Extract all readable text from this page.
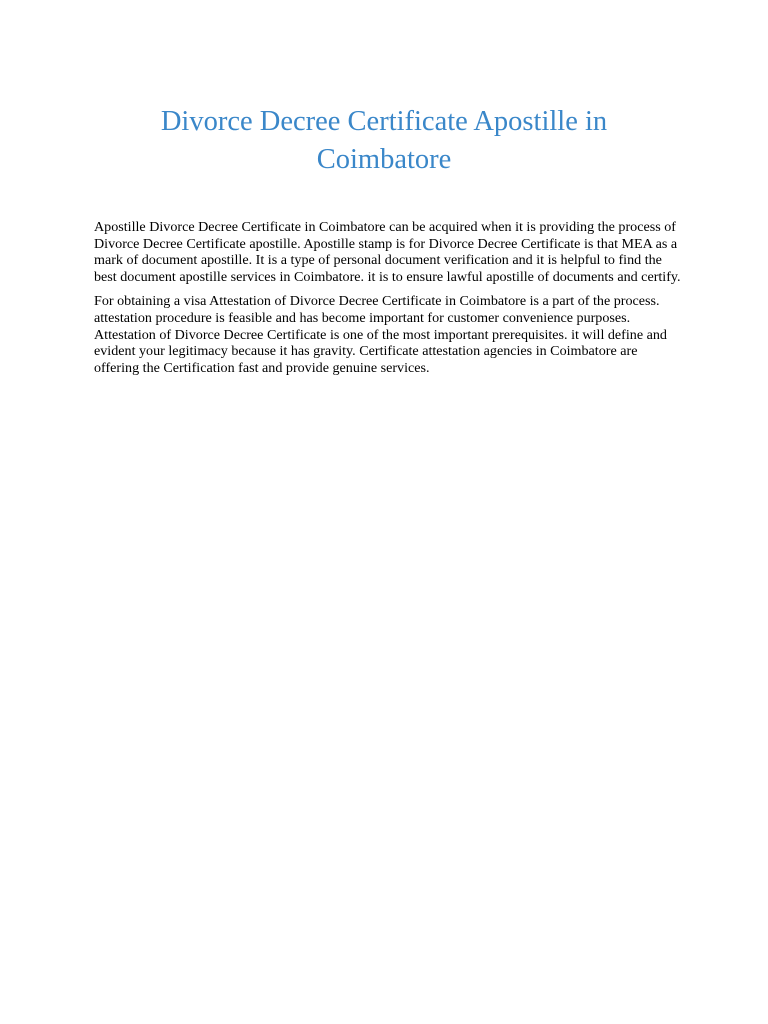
Divorce Decree Certificate Apostille in Coimbatore

Apostille Divorce Decree Certificate in Coimbatore can be acquired when it is providing the process of Divorce Decree Certificate apostille. Apostille stamp is for Divorce Decree Certificate is that MEA as a mark of document apostille. It is a type of personal document verification and it is helpful to find the best document apostille services in Coimbatore. it is to ensure lawful apostille of documents and certify.

For obtaining a visa Attestation of Divorce Decree Certificate in Coimbatore is a part of the process. attestation procedure is feasible and has become important for customer convenience purposes. Attestation of Divorce Decree Certificate is one of the most important prerequisites. it will define and evident your legitimacy because it has gravity. Certificate attestation agencies in Coimbatore are offering the Certification fast and provide genuine services.
